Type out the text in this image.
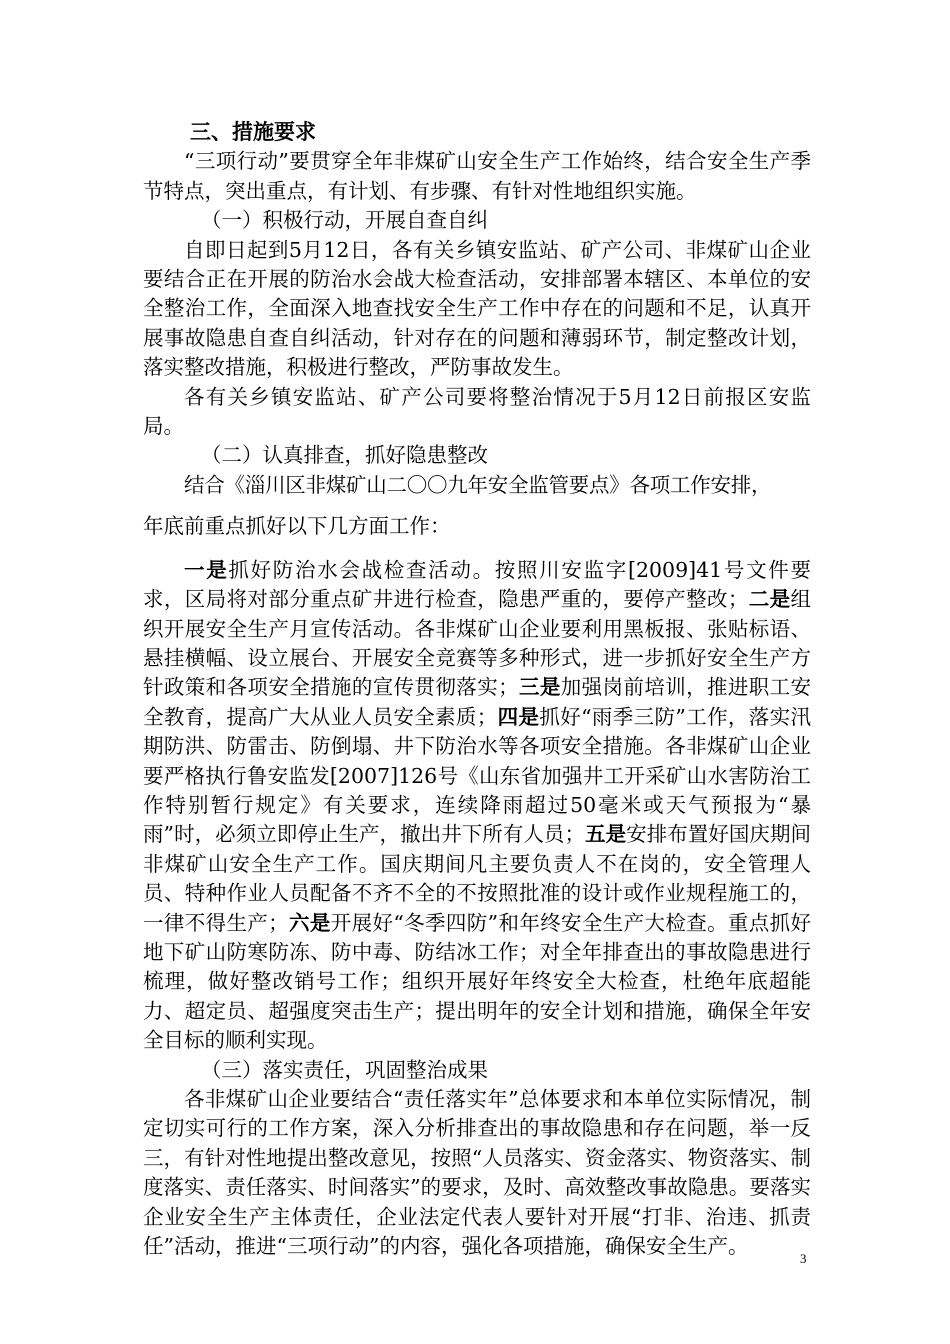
三、措施要求

“三项行动”要贯穿全年非煤矿山安全生产工作始终，结合安全生产季节特点，突出重点，有计划、有步骤、有针对性地组织实施。

（一）积极行动，开展自查自纠

自即日起到5月12日，各有关乡镇安监站、矿产公司、非煤矿山企业要结合正在开展的防治水会战大检查活动，安排部署本辖区、本单位的安全整治工作，全面深入地查找安全生产工作中存在的问题和不足，认真开展事故隐患自查自纠活动，针对存在的问题和薄弱环节，制定整改计划，落实整改措施，积极进行整改，严防事故发生。

各有关乡镇安监站、矿产公司要将整治情况于5月12日前报区安监局。

（二）认真排查，抓好隐患整改

结合《淄川区非煤矿山二〇〇九年安全监管要点》各项工作安排，

年底前重点抓好以下几方面工作：

一是抓好防治水会战检查活动。按照川安监字[2009]41号文件要求，区局将对部分重点矿井进行检查，隐患严重的，要停产整改；二是组织开展安全生产月宣传活动。各非煤矿山企业要利用黑板报、张贴标语、悬挂横幅、设立展台、开展安全竞赛等多种形式，进一步抓好安全生产方针政策和各项安全措施的宣传贯彻落实；三是加强岗前培训，推进职工安全教育，提高广大从业人员安全素质；四是抓好“雨季三防”工作，落实汛期防洪、防雷击、防倒塌、井下防治水等各项安全措施。各非煤矿山企业要严格执行鲁安监发[2007]126号《山东省加强井工开采矿山水害防治工作特别暂行规定》有关要求，连续降雨超过50毫米或天气预报为“暴雨”时，必须立即停止生产，撤出井下所有人员；五是安排布置好国庆期间非煤矿山安全生产工作。国庆期间凡主要负责人不在岗的，安全管理人员、特种作业人员配备不齐不全的不按照批准的设计或作业规程施工的，一律不得生产；六是开展好“冬季四防”和年终安全生产大检查。重点抓好地下矿山防寒防冻、防中毒、防结冰工作；对全年排查出的事故隐患进行梳理，做好整改销号工作；组织开展好年终安全大检查，杜绝年底超能力、超定员、超强度突击生产；提出明年的安全计划和措施，确保全年安全目标的顺利实现。

（三）落实责任，巩固整治成果

各非煤矿山企业要结合“责任落实年”总体要求和本单位实际情况，制定切实可行的工作方案，深入分析排查出的事故隐患和存在问题，举一反三，有针对性地提出整改意见，按照“人员落实、资金落实、物资落实、制度落实、责任落实、时间落实”的要求，及时、高效整改事故隐患。要落实企业安全生产主体责任，企业法定代表人要针对开展“打非、治违、抓责任”活动，推进“三项行动”的内容，强化各项措施，确保安全生产。

3
